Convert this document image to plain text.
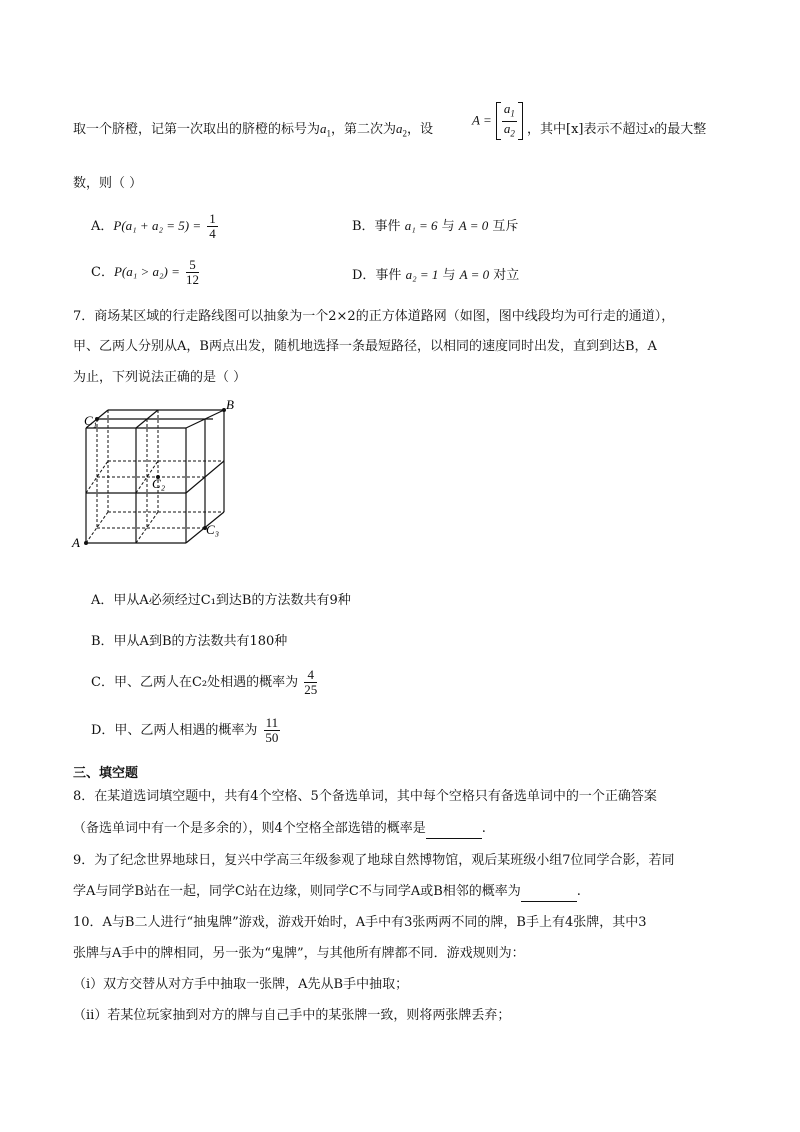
取一个脐橙，记第一次取出的脐橙的标号为$a_1$，第二次为$a_2$，设
$A = \frac{a_1}{a_2}$ ，其中[x]表示不超过x的最大整
数，则（ ）
A．$P(a_1 + a_2 = 5) = \frac{1}{4}$	B．事件 a₁ = 6 与 A = 0 互斥
C．$P(a_1 > a_2) = \frac{5}{12}$	D．事件 a₂ = 1 与 A = 0 对立
7．商场某区域的行走路线图可以抽象为一个2×2的正方体道路网（如图，图中线段均为可行走的通道），
甲、乙两人分别从A，B两点出发，随机地选择一条最短路径，以相同的速度同时出发，直到到达B，A
为止，下列说法正确的是（ ）
C₁
B
C₂
C₃
A
A．甲从A必须经过C₁到达B的方法数共有9种
B．甲从A到B的方法数共有180种
C．甲、乙两人在C₂处相遇的概率为 $\frac{4}{25}$
D．甲、乙两人相遇的概率为 $\frac{11}{50}$
三、填空题
8．在某道选词填空题中，共有4个空格、5个备选单词，其中每个空格只有备选单词中的一个正确答案
（备选单词中有一个是多余的），则4个空格全部选错的概率是	.
9．为了纪念世界地球日，复兴中学高三年级参观了地球自然博物馆，观后某班级小组7位同学合影，若同
学A与同学B站在一起，同学C站在边缘，则同学C不与同学A或B相邻的概率为	.
10．A与B二人进行“抽鬼牌”游戏，游戏开始时，A手中有3张两两不同的牌，B手上有4张牌，其中3
张牌与A手中的牌相同，另一张为“鬼牌”，与其他所有牌都不同．游戏规则为：
（ⅰ）双方交替从对方手中抽取一张牌，A先从B手中抽取；
（ⅱ）若某位玩家抽到对方的牌与自己手中的某张牌一致，则将两张牌丢弃；
